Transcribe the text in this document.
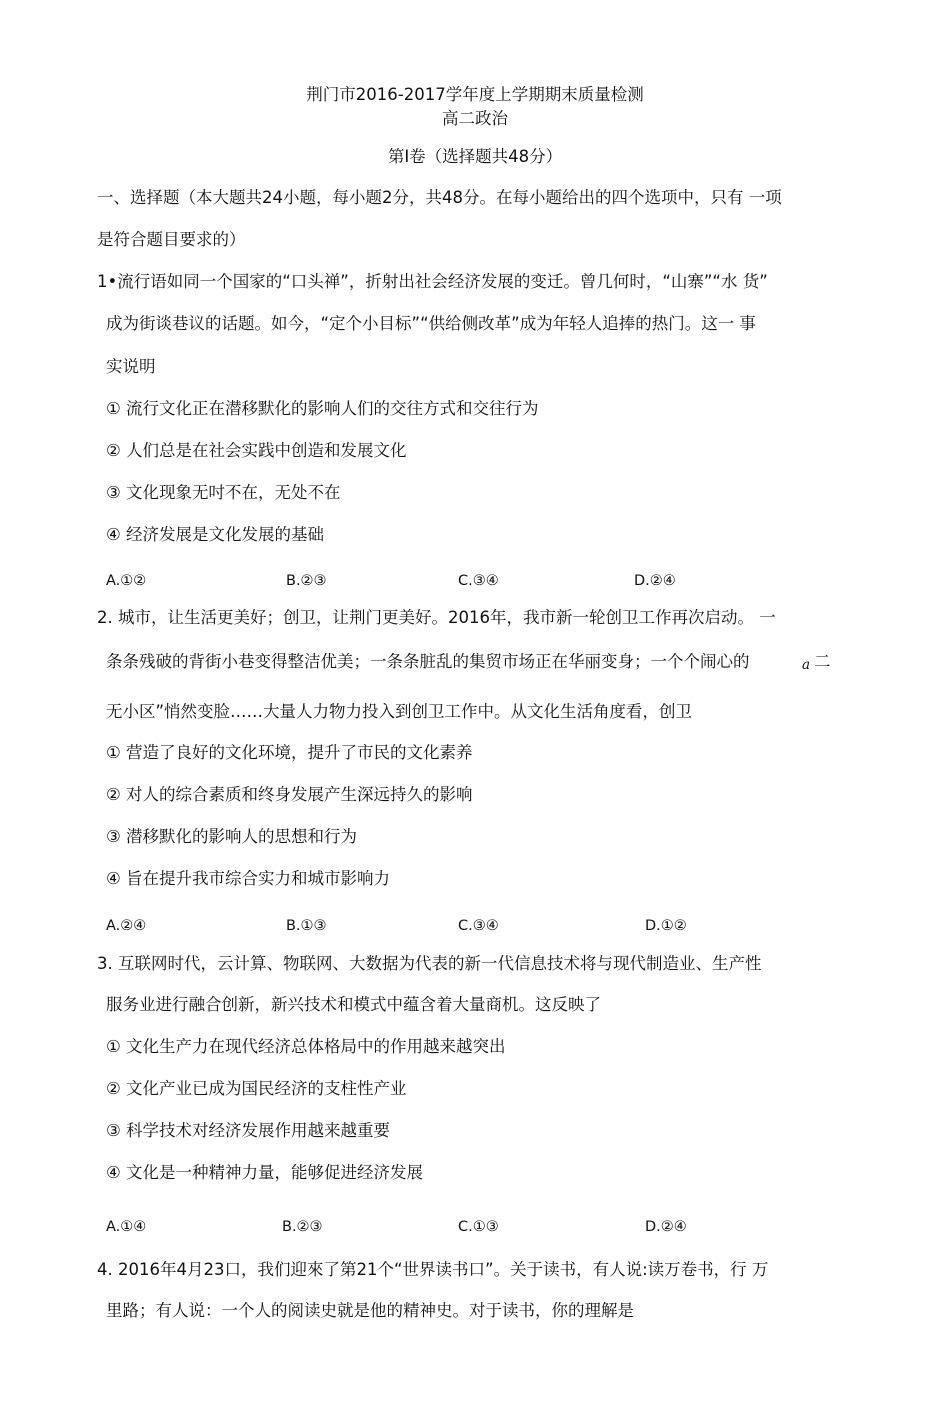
荆门市2016-2017学年度上学期期末质量检测
高二政治
第I卷（选择题共48分）
一、选择题（本大题共24小题，每小题2分，共48分。在每小题给出的四个选项中，只有 一项
是符合题目要求的）
1•流行语如同一个国家的“口头禅”，折射出社会经济发展的变迁。曾几何时，“山寨”“水 货”
成为街谈巷议的话题。如今，“定个小目标”“供给侧改革”成为年轻人追捧的热门。这一 事
实说明
① 流行文化正在潜移默化的影响人们的交往方式和交往行为
② 人们总是在社会实践中创造和发展文化
③ 文化现象无吋不在，无处不在
④ 经济发展是文化发展的基础
A.①②	B.②③	C.③④	D.②④
2. 城市，让生活更美好；创卫，让荆门更美好。2016年，我市新一轮创卫工作再次启动。 一
条条残破的背街小巷变得整洁优美；一条条脏乱的集贸市场正在华丽变身；一个个闹心的	a 二
无小区”悄然变脸……大量人力物力投入到创卫工作中。从文化生活角度看，创卫
① 营造了良好的文化环境，提升了市民的文化素养
② 对人的综合素质和终身发展产生深远持久的影响
③ 潜移默化的影响人的思想和行为
④ 旨在提升我市综合实力和城市影响力
A.②④	B.①③	C.③④	D.①②
3. 互联网时代，云计算、物联网、大数据为代表的新一代信息技术将与现代制造业、生产性
服务业进行融合创新，新兴技术和模式中蕴含着大量商机。这反映了
① 文化生产力在现代经济总体格局中的作用越来越突出
② 文化产业已成为国民经济的支柱性产业
③ 科学技术对经济发展作用越来越重要
④ 文化是一种精神力量，能够促进经济发展
A.①④	B.②③	C.①③	D.②④
4. 2016年4月23口，我们迎來了第21个“世界读书口”。关于读书，有人说:读万卷书，行 万
里路；有人说：一个人的阅读史就是他的精神史。对于读书，你的理解是
